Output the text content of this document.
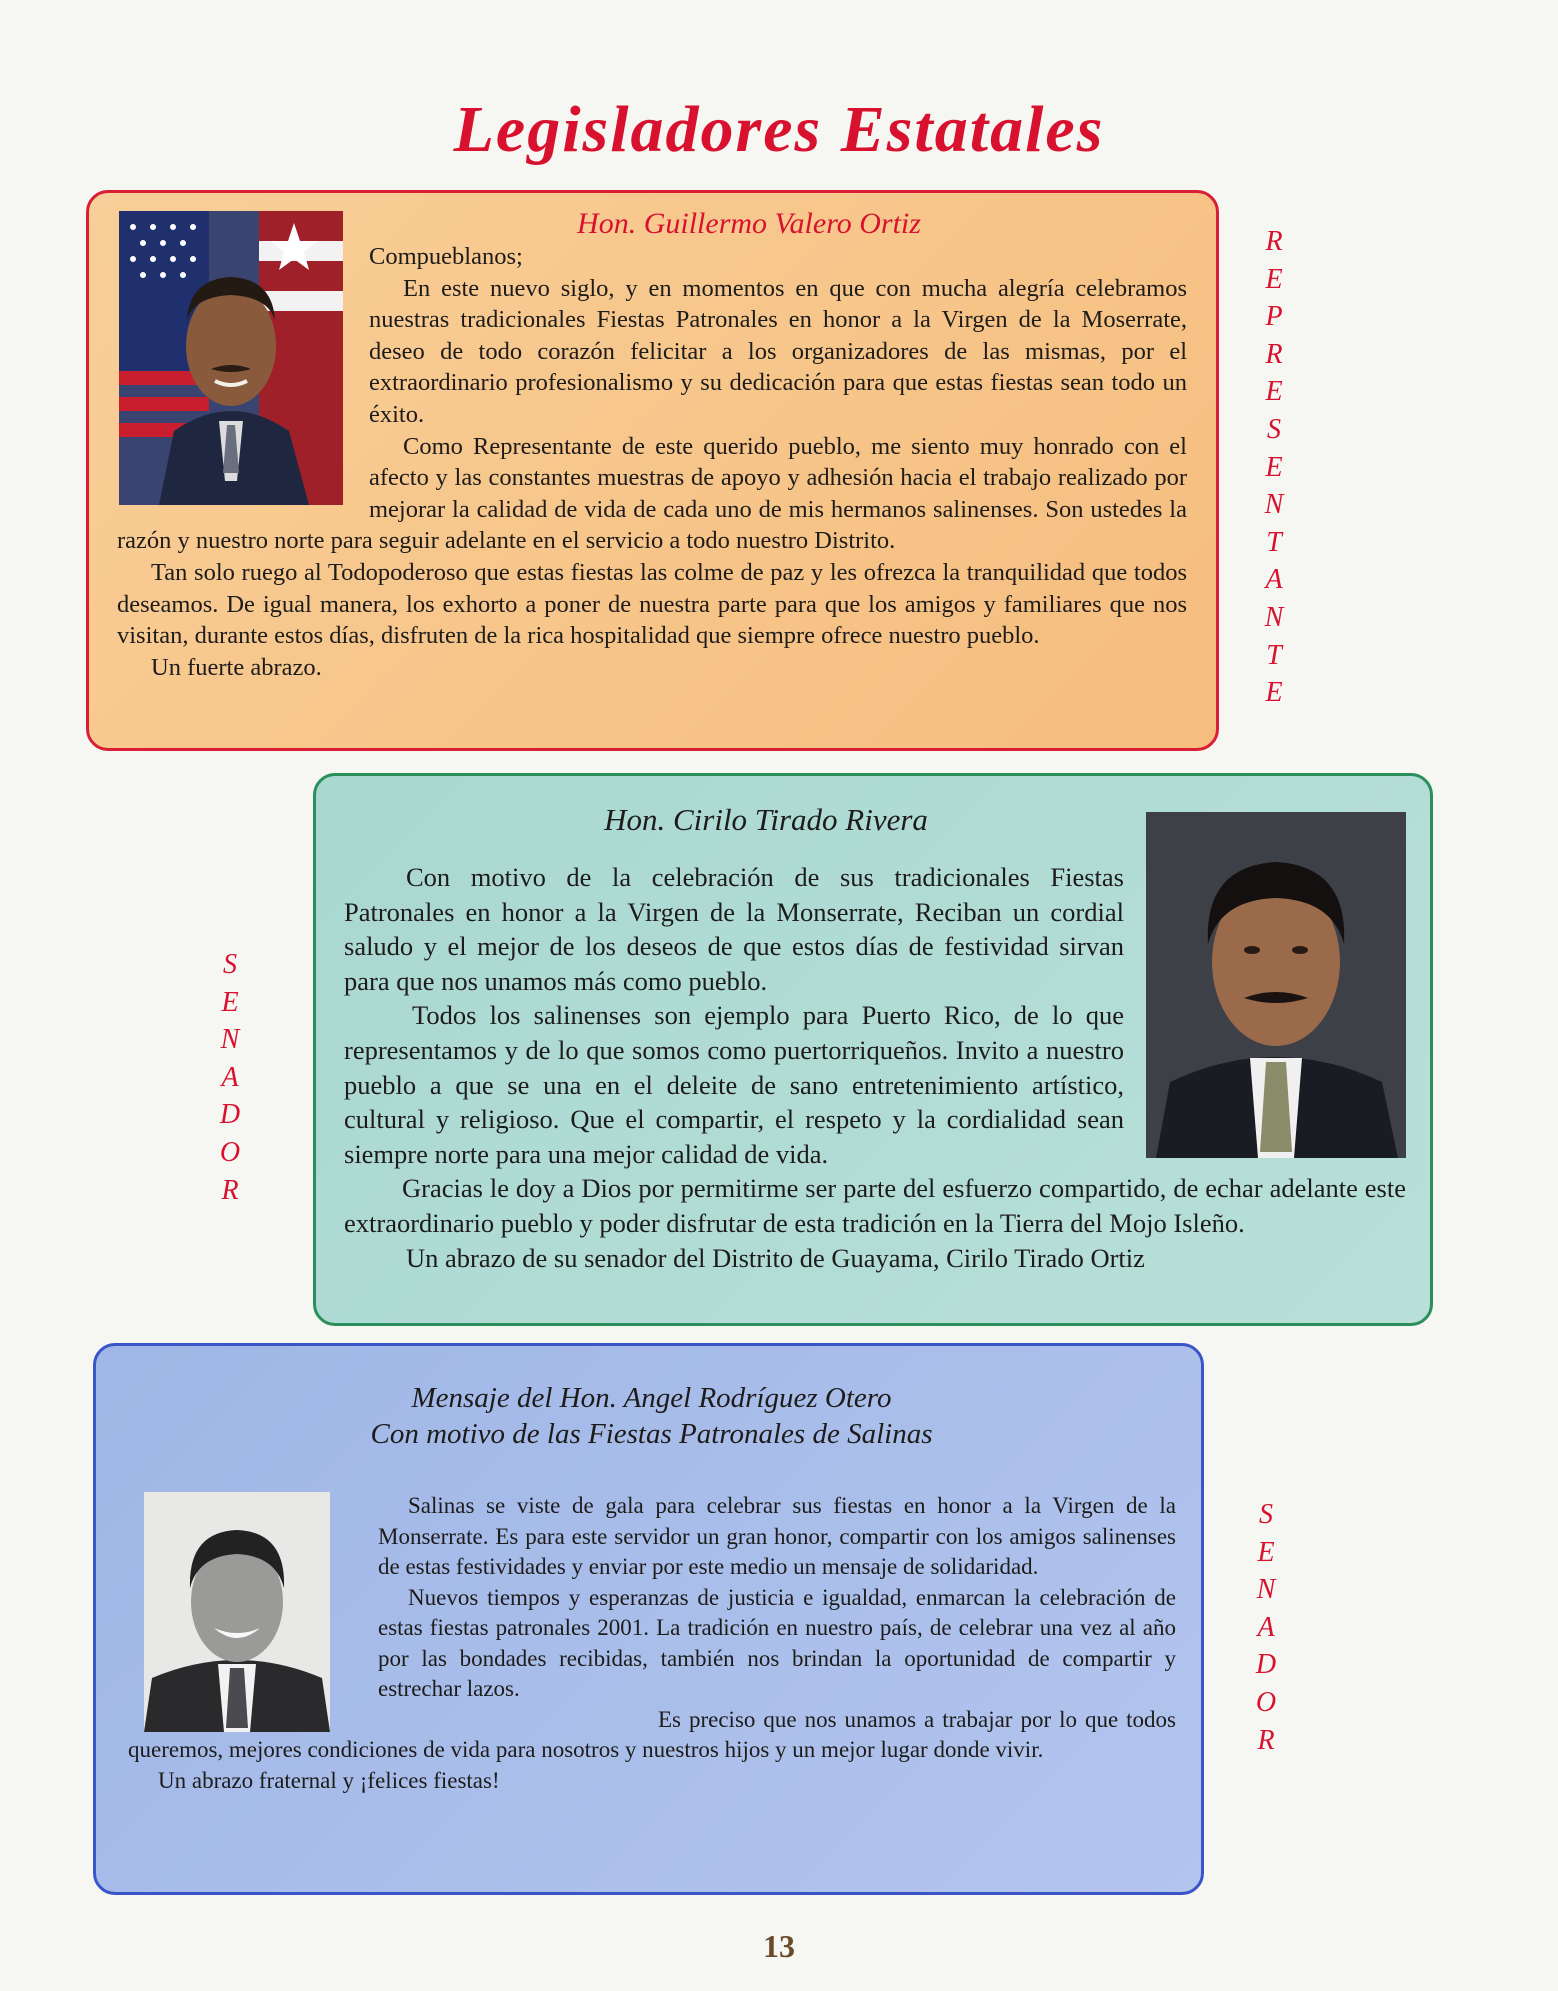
Legisladores Estatales
Hon. Guillermo Valero Ortiz
R
E
P
R
E
S
E
N
T
A
N
T
E

Compueblanos;

En este nuevo siglo, y en momentos en que con mucha alegría celebramos nuestras tradicionales Fiestas Patronales en honor a la Virgen de la Moserrate, deseo de todo corazón felicitar a los organizadores de las mismas, por el extraordinario profesionalismo y su dedicación para que estas fiestas sean todo un éxito.

Como Representante de este querido pueblo, me siento muy honrado con el afecto y las constantes muestras de apoyo y adhesión hacia el trabajo realizado por mejorar la calidad de vida de cada uno de mis hermanos salinenses. Son ustedes la razón y nuestro norte para seguir adelante en el servicio a todo nuestro Distrito.

Tan solo ruego al Todopoderoso que estas fiestas las colme de paz y les ofrezca la tranquilidad que todos deseamos. De igual manera, los exhorto a poner de nuestra parte para que los amigos y familiares que nos visitan, durante estos días, disfruten de la rica hospitalidad que siempre ofrece nuestro pueblo.

Un fuerte abrazo.

Hon. Cirilo Tirado Rivera
S
E
N
A
D
O
R

Con motivo de la celebración de sus tradicionales Fiestas Patronales en honor a la Virgen de la Monserrate, Reciban un cordial saludo y el mejor de los deseos de que estos días de festividad sirvan para que nos unamos más como pueblo.

Todos los salinenses son ejemplo para Puerto Rico, de lo que representamos y de lo que somos como puertorriqueños. Invito a nuestro pueblo a que se una en el deleite de sano entretenimiento artístico, cultural y religioso. Que el compartir, el respeto y la cordialidad sean siempre norte para una mejor calidad de vida.

Gracias le doy a Dios por permitirme ser parte del esfuerzo compartido, de echar adelante este extraordinario pueblo y poder disfrutar de esta tradición en la Tierra del Mojo Isleño.

Un abrazo de su senador del Distrito de Guayama, Cirilo Tirado Ortiz

Mensaje del Hon. Angel Rodríguez Otero
Con motivo de las Fiestas Patronales de Salinas
S
E
N
A
D
O
R

Salinas se viste de gala para celebrar sus fiestas en honor a la Virgen de la Monserrate. Es para este servidor un gran honor, compartir con los amigos salinenses de estas festividades y enviar por este medio un mensaje de solidaridad.

Nuevos tiempos y esperanzas de justicia e igualdad, enmarcan la celebración de estas fiestas patronales 2001. La tradición en nuestro país, de celebrar una vez al año por las bondades recibidas, también nos brindan la oportunidad de compartir y estrechar lazos.

Es preciso que nos unamos a trabajar por lo que todos queremos, mejores condiciones de vida para nosotros y nuestros hijos y un mejor lugar donde vivir.

Un abrazo fraternal y ¡felices fiestas!

13
